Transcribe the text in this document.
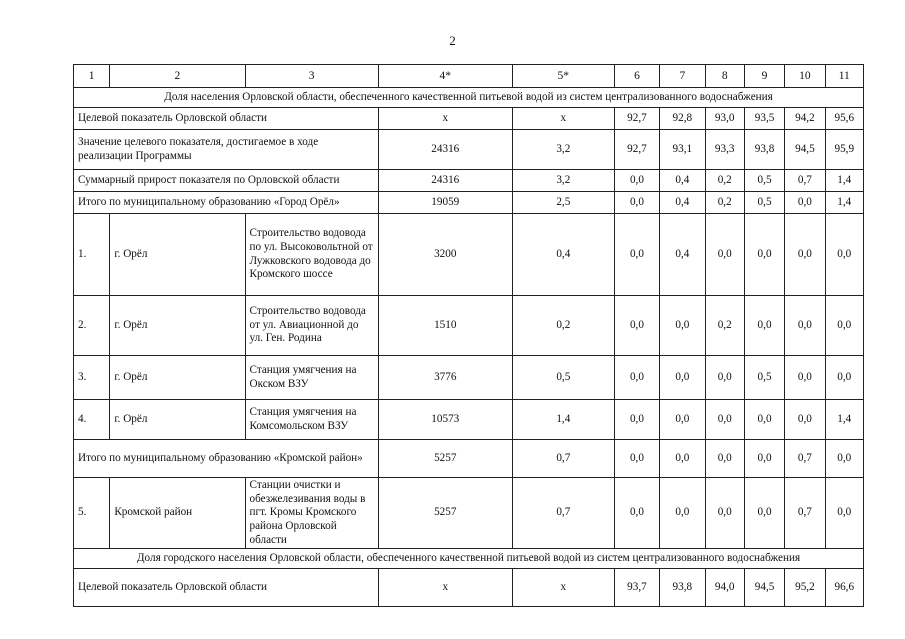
2
1	2	3	4*	5*	6	7	8	9	10	11
Доля населения Орловской области, обеспеченного качественной питьевой водой из систем централизованного водоснабжения										
Целевой показатель Орловской области			х	х	92,7	92,8	93,0	93,5	94,2	95,6
Значение целевого показателя, достигаемое в ходе реализации Программы			24316	3,2	92,7	93,1	93,3	93,8	94,5	95,9
Суммарный прирост показателя по Орловской области			24316	3,2	0,0	0,4	0,2	0,5	0,7	1,4
Итого по муниципальному образованию «Город Орёл»			19059	2,5	0,0	0,4	0,2	0,5	0,0	1,4
1.	г. Орёл	Строительство водовода по ул. Высоковольтной от Лужковского водовода до Кромского шоссе	3200	0,4	0,0	0,4	0,0	0,0	0,0	0,0
2.	г. Орёл	Строительство водовода от ул. Авиационной до ул. Ген. Родина	1510	0,2	0,0	0,0	0,2	0,0	0,0	0,0
3.	г. Орёл	Станция умягчения на Окском ВЗУ	3776	0,5	0,0	0,0	0,0	0,5	0,0	0,0
4.	г. Орёл	Станция умягчения на Комсомольском ВЗУ	10573	1,4	0,0	0,0	0,0	0,0	0,0	1,4
Итого по муниципальному образованию «Кромской район»			5257	0,7	0,0	0,0	0,0	0,0	0,7	0,0
5.	Кромской район	Станции очистки и обезжелезивания воды в пгт. Кромы Кромского района Орловской области	5257	0,7	0,0	0,0	0,0	0,0	0,7	0,0
Доля городского населения Орловской области, обеспеченного качественной питьевой водой из систем централизованного водоснабжения										
Целевой показатель Орловской области			х	х	93,7	93,8	94,0	94,5	95,2	96,6
